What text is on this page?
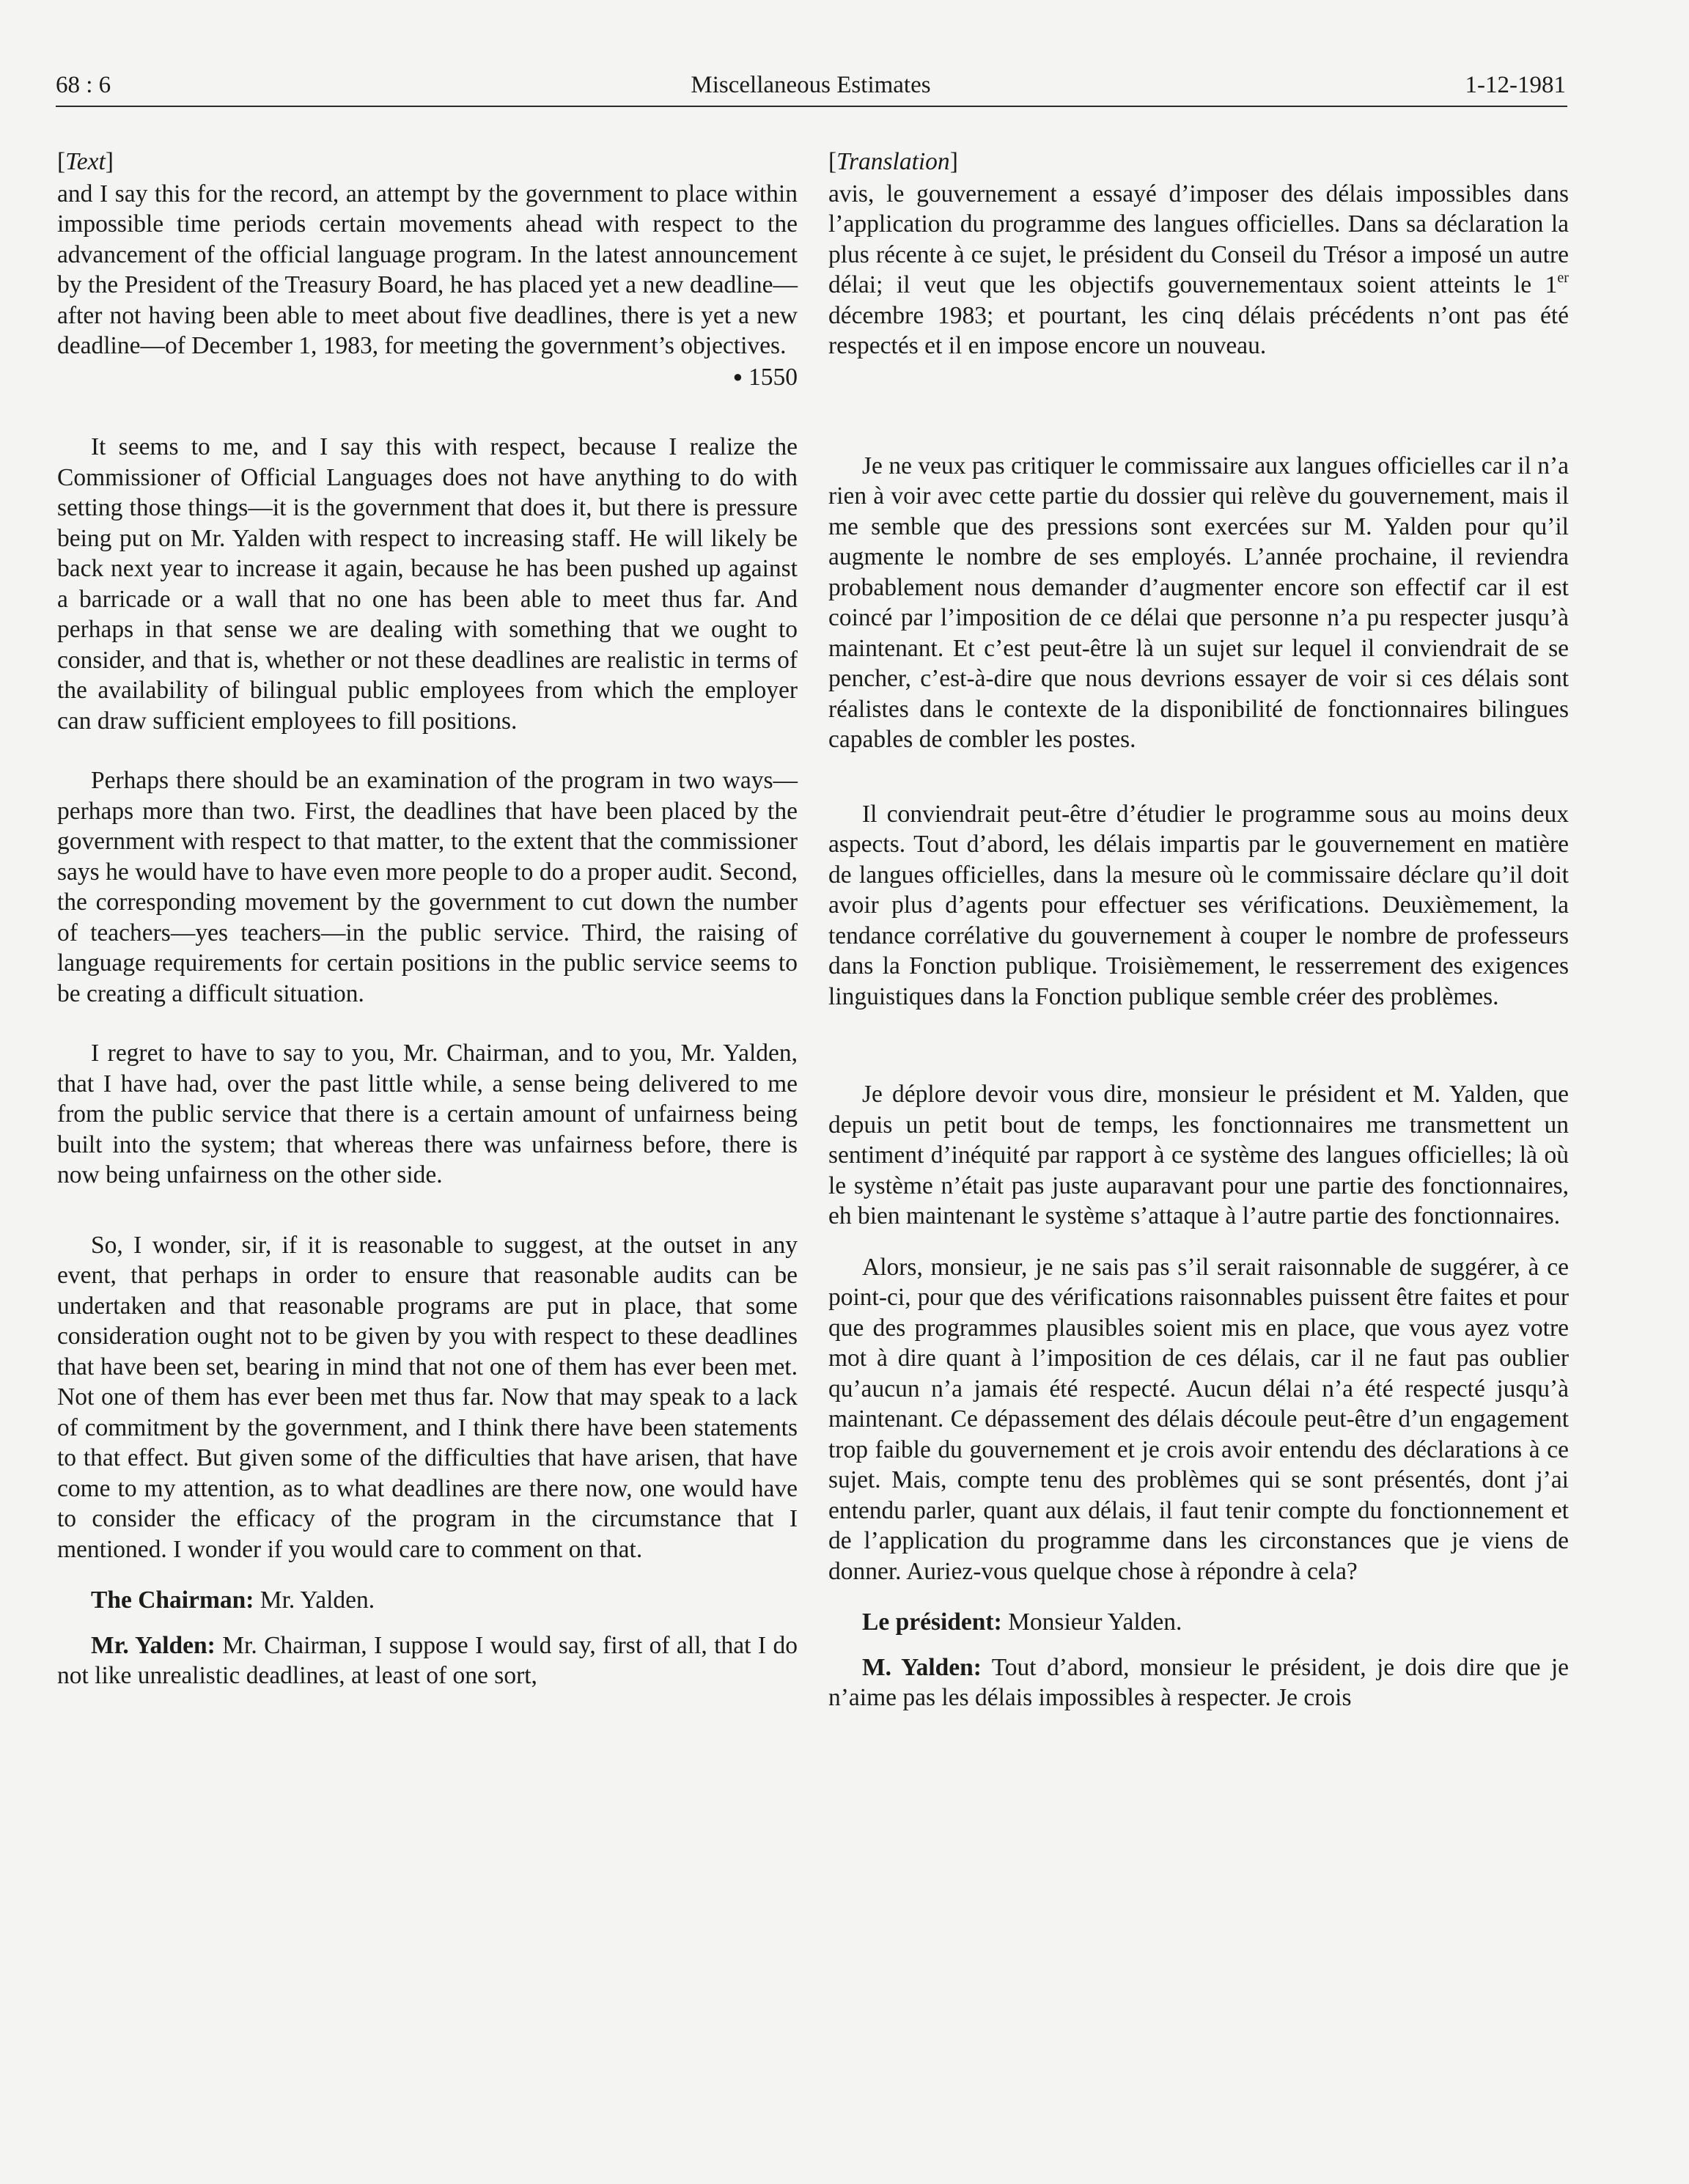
68 : 6	Miscellaneous Estimates	1-12-1981
[Text]

and I say this for the record, an attempt by the government to place within impossible time periods certain movements ahead with respect to the advancement of the official language program. In the latest announcement by the President of the Treasury Board, he has placed yet a new deadline—after not having been able to meet about five deadlines, there is yet a new deadline—of December 1, 1983, for meeting the government’s objectives.

● 1550

It seems to me, and I say this with respect, because I realize the Commissioner of Official Languages does not have anything to do with setting those things—it is the government that does it, but there is pressure being put on Mr. Yalden with respect to increasing staff. He will likely be back next year to increase it again, because he has been pushed up against a barricade or a wall that no one has been able to meet thus far. And perhaps in that sense we are dealing with something that we ought to consider, and that is, whether or not these deadlines are realistic in terms of the availability of bilingual public employees from which the employer can draw sufficient employees to fill positions.

Perhaps there should be an examination of the program in two ways—perhaps more than two. First, the deadlines that have been placed by the government with respect to that matter, to the extent that the commissioner says he would have to have even more people to do a proper audit. Second, the corresponding movement by the government to cut down the number of teachers—yes teachers—in the public service. Third, the raising of language requirements for certain positions in the public service seems to be creating a difficult situation.

I regret to have to say to you, Mr. Chairman, and to you, Mr. Yalden, that I have had, over the past little while, a sense being delivered to me from the public service that there is a certain amount of unfairness being built into the system; that whereas there was unfairness before, there is now being unfairness on the other side.

So, I wonder, sir, if it is reasonable to suggest, at the outset in any event, that perhaps in order to ensure that reasonable audits can be undertaken and that reasonable programs are put in place, that some consideration ought not to be given by you with respect to these deadlines that have been set, bearing in mind that not one of them has ever been met. Not one of them has ever been met thus far. Now that may speak to a lack of commitment by the government, and I think there have been statements to that effect. But given some of the difficulties that have arisen, that have come to my attention, as to what deadlines are there now, one would have to consider the efficacy of the program in the circumstance that I mentioned. I wonder if you would care to comment on that.

The Chairman: Mr. Yalden.

Mr. Yalden: Mr. Chairman, I suppose I would say, first of all, that I do not like unrealistic deadlines, at least of one sort,

[Translation]

avis, le gouvernement a essayé d’imposer des délais impossibles dans l’application du programme des langues officielles. Dans sa déclaration la plus récente à ce sujet, le président du Conseil du Trésor a imposé un autre délai; il veut que les objectifs gouvernementaux soient atteints le 1er décembre 1983; et pourtant, les cinq délais précédents n’ont pas été respectés et il en impose encore un nouveau.

Je ne veux pas critiquer le commissaire aux langues officielles car il n’a rien à voir avec cette partie du dossier qui relève du gouvernement, mais il me semble que des pressions sont exercées sur M. Yalden pour qu’il augmente le nombre de ses employés. L’année prochaine, il reviendra probablement nous demander d’augmenter encore son effectif car il est coincé par l’imposition de ce délai que personne n’a pu respecter jusqu’à maintenant. Et c’est peut-être là un sujet sur lequel il conviendrait de se pencher, c’est-à-dire que nous devrions essayer de voir si ces délais sont réalistes dans le contexte de la disponibilité de fonctionnaires bilingues capables de combler les postes.

Il conviendrait peut-être d’étudier le programme sous au moins deux aspects. Tout d’abord, les délais impartis par le gouvernement en matière de langues officielles, dans la mesure où le commissaire déclare qu’il doit avoir plus d’agents pour effectuer ses vérifications. Deuxièmement, la tendance corrélative du gouvernement à couper le nombre de professeurs dans la Fonction publique. Troisièmement, le resserrement des exigences linguistiques dans la Fonction publique semble créer des problèmes.

Je déplore devoir vous dire, monsieur le président et M. Yalden, que depuis un petit bout de temps, les fonctionnaires me transmettent un sentiment d’inéquité par rapport à ce système des langues officielles; là où le système n’était pas juste auparavant pour une partie des fonctionnaires, eh bien maintenant le système s’attaque à l’autre partie des fonctionnaires.

Alors, monsieur, je ne sais pas s’il serait raisonnable de suggérer, à ce point-ci, pour que des vérifications raisonnables puissent être faites et pour que des programmes plausibles soient mis en place, que vous ayez votre mot à dire quant à l’imposition de ces délais, car il ne faut pas oublier qu’aucun n’a jamais été respecté. Aucun délai n’a été respecté jusqu’à maintenant. Ce dépassement des délais découle peut-être d’un engagement trop faible du gouvernement et je crois avoir entendu des déclarations à ce sujet. Mais, compte tenu des problèmes qui se sont présentés, dont j’ai entendu parler, quant aux délais, il faut tenir compte du fonctionnement et de l’application du programme dans les circonstances que je viens de donner. Auriez-vous quelque chose à répondre à cela?

Le président: Monsieur Yalden.

M. Yalden: Tout d’abord, monsieur le président, je dois dire que je n’aime pas les délais impossibles à respecter. Je crois
